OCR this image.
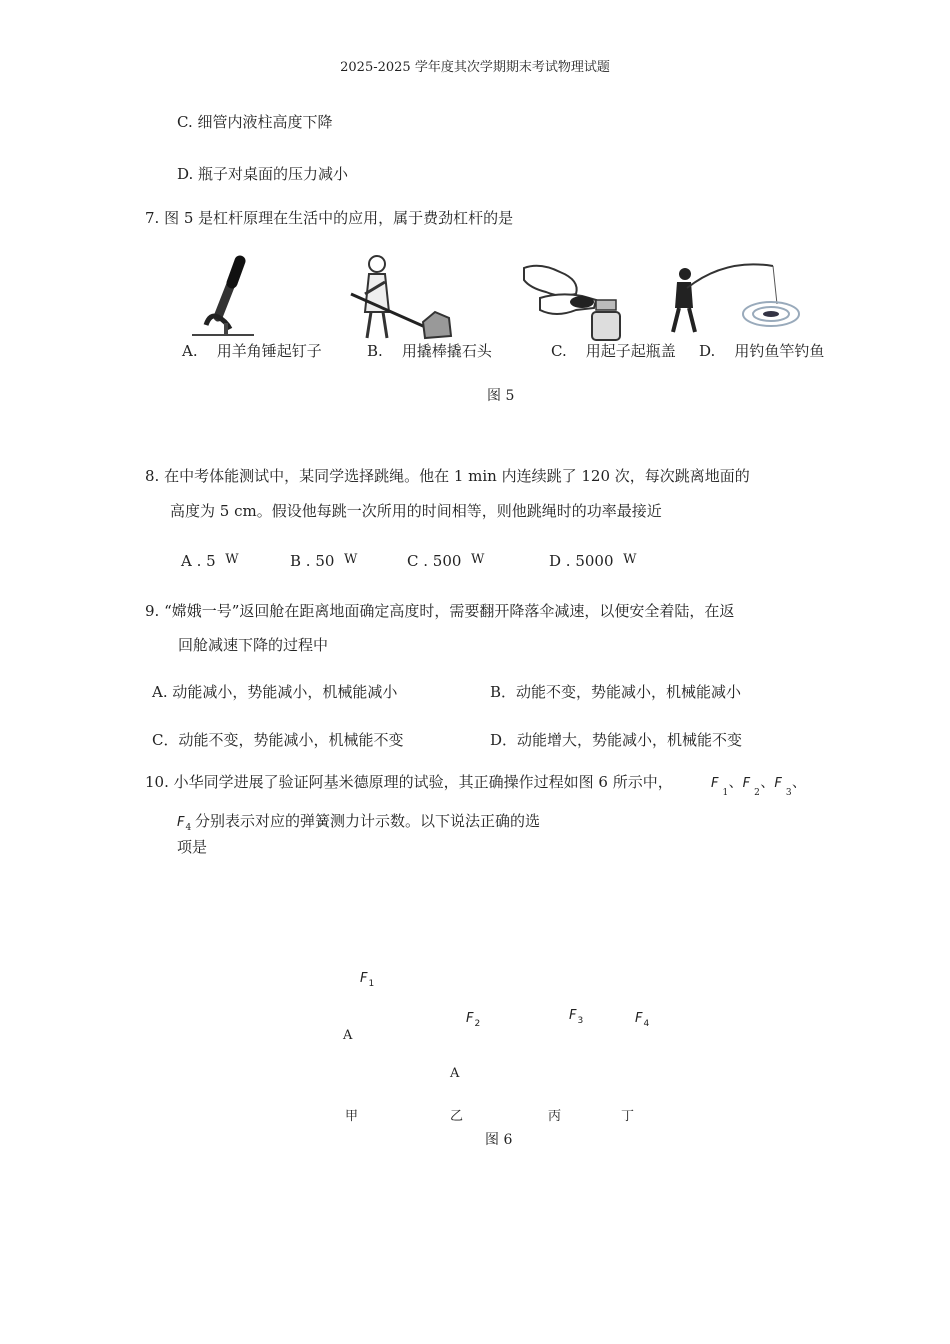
2025-2025 学年度其次学期期末考试物理试题
C. 细管内液柱高度下降
D. 瓶子对桌面的压力减小
7. 图 5 是杠杆原理在生活中的应用，属于费劲杠杆的是
A. 用羊角锤起钉子	B. 用撬棒撬石头	C. 用起子起瓶盖 D. 用钓鱼竿钓鱼
图 5
8. 在中考体能测试中，某同学选择跳绳。他在 1 min 内连续跳了 120 次，每次跳离地面的
高度为 5 cm。假设他每跳一次所用的时间相等，则他跳绳时的功率最接近
A . 5 W	B . 50 W	C . 500 W	D . 5000 W
9. “嫦娥一号”返回舱在距离地面确定高度时，需要翻开降落伞减速，以便安全着陆，在返
回舱减速下降的过程中
A. 动能减小，势能减小，机械能减小	B．动能不变，势能减小，机械能减小
C．动能不变，势能减小，机械能不变	D．动能增大，势能减小，机械能不变
10. 小华同学进展了验证阿基米德原理的试验，其正确操作过程如图 6 所示中，	$F_1$ 、$F_2$ 、$F_3$ 、
$F_4$ 分别表示对应的弹簧测力计示数。以下说法正确的选
项是
$F_1$
$F_2$
$F_3$	$F_4$
A
A
甲	乙	丙	丁
图 6
